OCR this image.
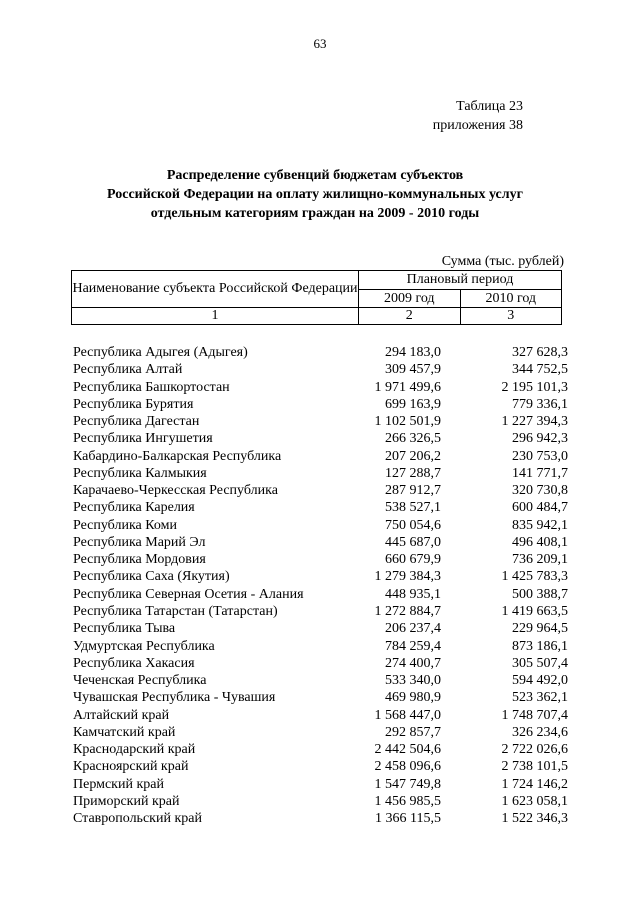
63
Таблица 23
приложения 38
Распределение субвенций бюджетам субъектов
Российской Федерации на оплату жилищно-коммунальных услуг
отдельным категориям граждан на 2009 - 2010 годы
Сумма (тыс. рублей)
Наименование субъекта Российской Федерации	Плановый период	
	2009 год	2010 год
1	2	3
Республика Адыгея (Адыгея)	294 183,0	327 628,3
Республика Алтай	309 457,9	344 752,5
Республика Башкортостан	1 971 499,6	2 195 101,3
Республика Бурятия	699 163,9	779 336,1
Республика Дагестан	1 102 501,9	1 227 394,3
Республика Ингушетия	266 326,5	296 942,3
Кабардино-Балкарская Республика	207 206,2	230 753,0
Республика Калмыкия	127 288,7	141 771,7
Карачаево-Черкесская Республика	287 912,7	320 730,8
Республика Карелия	538 527,1	600 484,7
Республика Коми	750 054,6	835 942,1
Республика Марий Эл	445 687,0	496 408,1
Республика Мордовия	660 679,9	736 209,1
Республика Саха (Якутия)	1 279 384,3	1 425 783,3
Республика Северная Осетия - Алания	448 935,1	500 388,7
Республика Татарстан (Татарстан)	1 272 884,7	1 419 663,5
Республика Тыва	206 237,4	229 964,5
Удмуртская Республика	784 259,4	873 186,1
Республика Хакасия	274 400,7	305 507,4
Чеченская Республика	533 340,0	594 492,0
Чувашская Республика - Чувашия	469 980,9	523 362,1
Алтайский край	1 568 447,0	1 748 707,4
Камчатский край	292 857,7	326 234,6
Краснодарский край	2 442 504,6	2 722 026,6
Красноярский край	2 458 096,6	2 738 101,5
Пермский край	1 547 749,8	1 724 146,2
Приморский край	1 456 985,5	1 623 058,1
Ставропольский край	1 366 115,5	1 522 346,3
